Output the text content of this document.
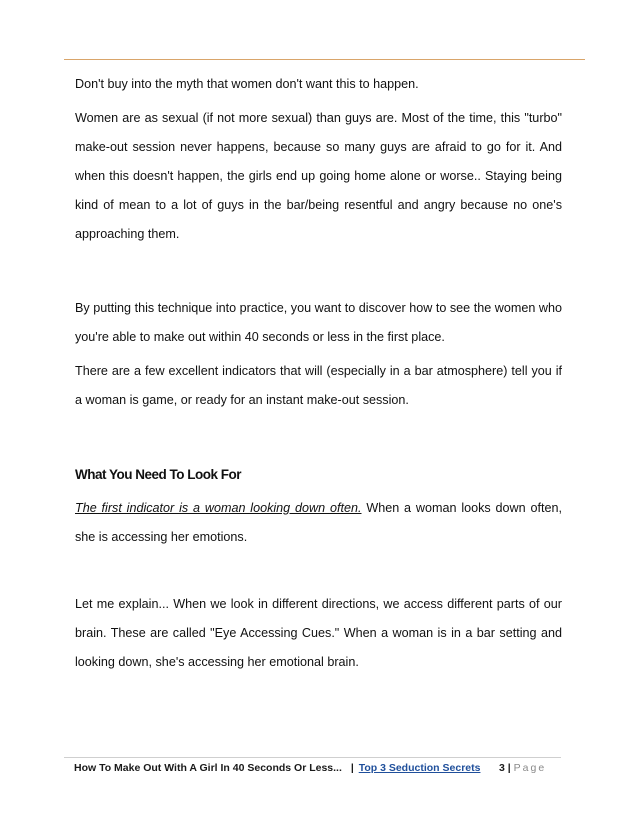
Don't buy into the myth that women don't want this to happen.

Women are as sexual (if not more sexual) than guys are. Most of the time, this "turbo" make-out session never happens, because so many guys are afraid to go for it. And when this doesn't happen, the girls end up going home alone or worse.. Staying being kind of mean to a lot of guys in the bar/being resentful and angry because no one's approaching them.

By putting this technique into practice, you want to discover how to see the women who you're able to make out within 40 seconds or less in the first place.

There are a few excellent indicators that will (especially in a bar atmosphere) tell you if a woman is game, or ready for an instant make-out session.

What You Need To Look For

The first indicator is a woman looking down often. When a woman looks down often, she is accessing her emotions.

Let me explain... When we look in different directions, we access different parts of our brain. These are called "Eye Accessing Cues." When a woman is in a bar setting and looking down, she's accessing her emotional brain.

How To Make Out With A Girl In 40 Seconds Or Less... | Top 3 Seduction Secrets 3 | Page
